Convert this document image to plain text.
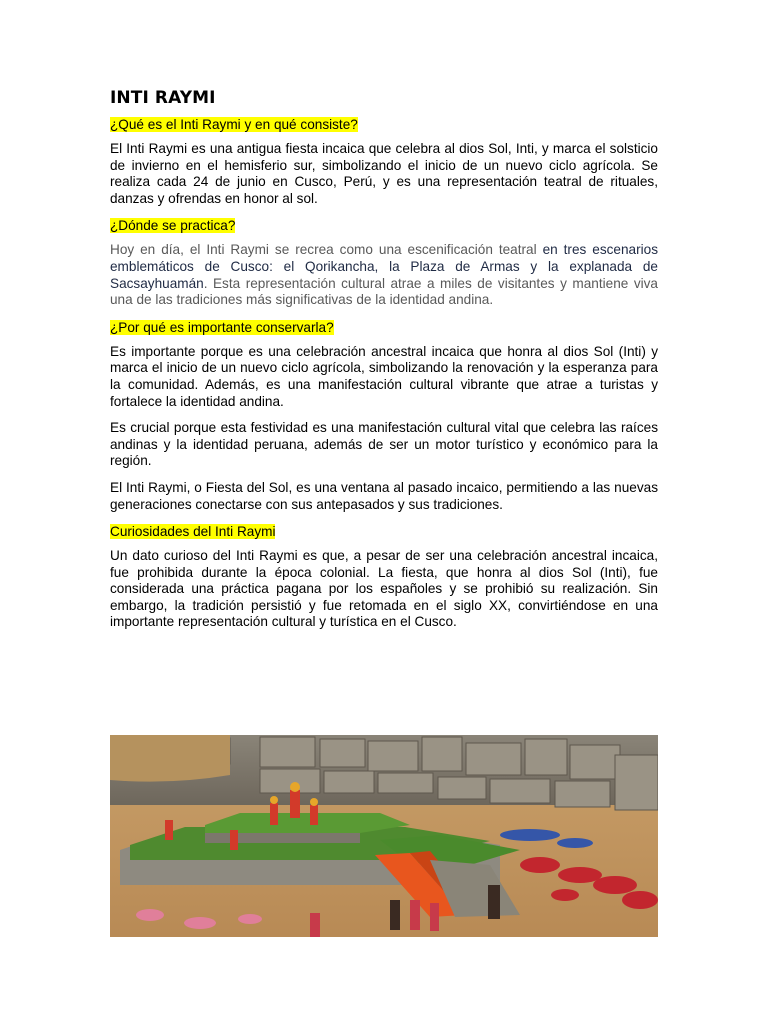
INTI RAYMI
¿Qué es el Inti Raymi y en qué consiste?

El Inti Raymi es una antigua fiesta incaica que celebra al dios Sol, Inti, y marca el solsticio de invierno en el hemisferio sur, simbolizando el inicio de un nuevo ciclo agrícola. Se realiza cada 24 de junio en Cusco, Perú, y es una representación teatral de rituales, danzas y ofrendas en honor al sol.

¿Dónde se practica?

Hoy en día, el Inti Raymi se recrea como una escenificación teatral en tres escenarios emblemáticos de Cusco: el Qorikancha, la Plaza de Armas y la explanada de Sacsayhuamán. Esta representación cultural atrae a miles de visitantes y mantiene viva una de las tradiciones más significativas de la identidad andina.

¿Por qué es importante conservarla?

Es importante porque es una celebración ancestral incaica que honra al dios Sol (Inti) y marca el inicio de un nuevo ciclo agrícola, simbolizando la renovación y la esperanza para la comunidad. Además, es una manifestación cultural vibrante que atrae a turistas y fortalece la identidad andina.

Es crucial porque esta festividad es una manifestación cultural vital que celebra las raíces andinas y la identidad peruana, además de ser un motor turístico y económico para la región.

El Inti Raymi, o Fiesta del Sol, es una ventana al pasado incaico, permitiendo a las nuevas generaciones conectarse con sus antepasados y sus tradiciones.

Curiosidades del Inti Raymi

Un dato curioso del Inti Raymi es que, a pesar de ser una celebración ancestral incaica, fue prohibida durante la época colonial. La fiesta, que honra al dios Sol (Inti), fue considerada una práctica pagana por los españoles y se prohibió su realización. Sin embargo, la tradición persistió y fue retomada en el siglo XX, convirtiéndose en una importante representación cultural y turística en el Cusco.
